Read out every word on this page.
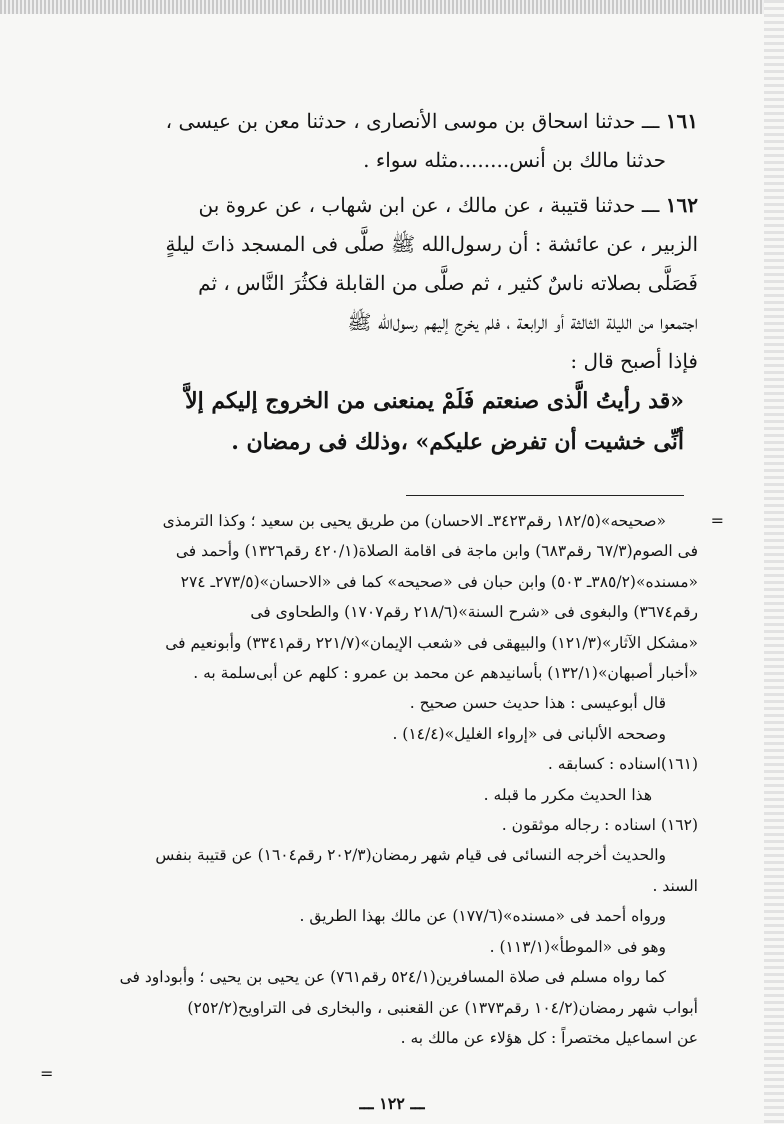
١٦١ ـــ حدثنا اسحاق بن موسى الأنصارى ، حدثنا معن بن عيسى ،
حدثنا مالك بن أنس........مثله سواء .
١٦٢ ـــ حدثنا قتيبة ، عن مالك ، عن ابن شهاب ، عن عروة بن
الزبير ، عن عائشة : أن رسول‌الله ﷺ صلَّى فى المسجد ذاتَ ليلةٍ
فَصَلَّى بصلاته ناسٌ كثير ، ثم صلَّى من القابلة فكثُرَ النَّاس ، ثم
اجتمعوا من الليلة الثالثة أو الرابعة ، فلم يخرج إليهم رسول‌الله ﷺ
فإذا أصبح قال :
«قد رأيتُ الَّذى صنعتم فَلَمْ يمنعنى من الخروج إليكم إلاَّ
أنِّى خشيت أن تفرض عليكم» ،وذلك فى رمضان .

=
«صحيحه»(١٨٢/٥ رقم٣٤٢٣ـ الاحسان) من طريق يحيى بن سعيد ؛ وكذا الترمذى

فى الصوم(٦٧/٣ رقم٦٨٣) وابن ماجة فى اقامة الصلاة(٤٢٠/١ رقم١٣٢٦) وأحمد فى

«مسنده»(٣٨٥/٢ـ ٥٠٣) وابن حبان فى «صحيحه» كما فى «الاحسان»(٢٧٣/٥ـ ٢٧٤

رقم٣٦٧٤) والبغوى فى «شرح السنة»(٢١٨/٦ رقم١٧٠٧) والطحاوى فى

«مشكل الآثار»(١٢١/٣) والبيهقى فى «شعب الإيمان»(٢٢١/٧ رقم٣٣٤١) وأبونعيم فى

«أخبار أصبهان»(١٣٢/١) بأسانيدهم عن محمد بن عمرو : كلهم عن أبى‌سلمة به .

قال أبوعيسى : هذا حديث حسن صحيح .

وصححه الألبانى فى «إرواء الغليل»(١٤/٤) .

(١٦١)اسناده : كسابقه .

هذا الحديث مكرر ما قبله .

(١٦٢) اسناده : رجاله موثقون .

والحديث أخرجه النسائى فى قيام شهر رمضان(٢٠٢/٣ رقم١٦٠٤) عن قتيبة بنفس

السند .

ورواه أحمد فى «مسنده»(١٧٧/٦) عن مالك بهذا الطريق .

وهو فى «الموطأ»(١١٣/١) .

كما رواه مسلم فى صلاة المسافرين(٥٢٤/١ رقم٧٦١) عن يحيى بن يحيى ؛ وأبوداود فى

أبواب شهر رمضان(١٠٤/٢ رقم١٣٧٣) عن القعنبى ، والبخارى فى التراويح(٢٥٢/٢)

عن اسماعيل مختصراً : كل هؤلاء عن مالك به .

=
ـــ ١٢٢ ـــ
